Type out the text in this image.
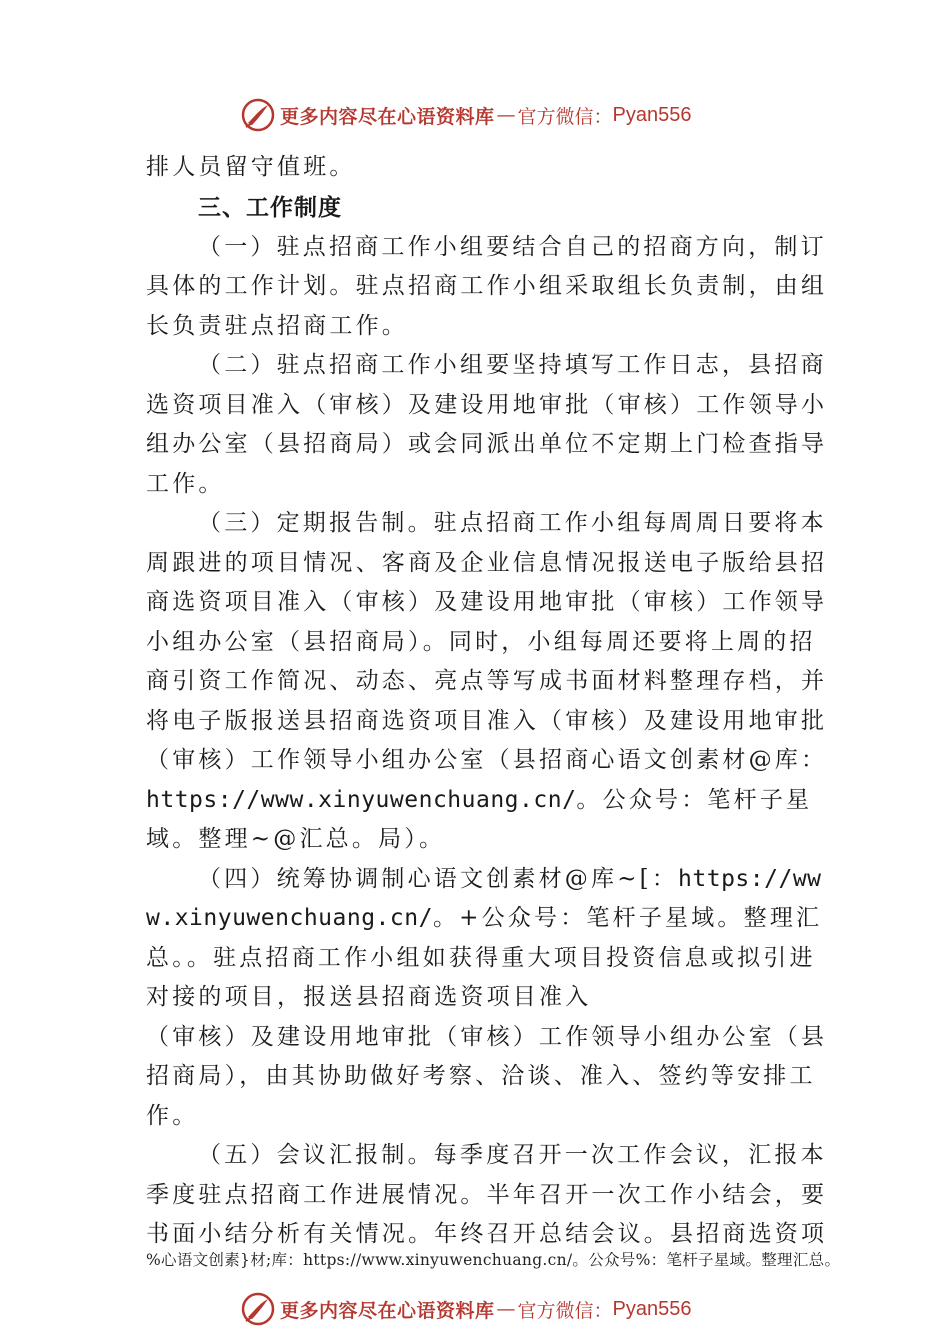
更多内容尽在心语资料库 — 官方微信： Pyan556

排人员留守值班。

三、工作制度

（一）驻点招商工作小组要结合自己的招商方向，制订具体的工作计划。驻点招商工作小组采取组长负责制，由组长负责驻点招商工作。

（二）驻点招商工作小组要坚持填写工作日志，县招商选资项目准入（审核）及建设用地审批（审核）工作领导小组办公室（县招商局）或会同派出单位不定期上门检查指导工作。

（三）定期报告制。驻点招商工作小组每周周日要将本周跟进的项目情况、客商及企业信息情况报送电子版给县招商选资项目准入（审核）及建设用地审批（审核）工作领导小组办公室（县招商局）。同时，小组每周还要将上周的招商引资工作简况、动态、亮点等写成书面材料整理存档，并将电子版报送县招商选资项目准入（审核）及建设用地审批（审核）工作领导小组办公室（县招商心语文创素材@库：https://www.xinyuwenchuang.cn/。公众号：笔杆子星域。整理~@汇总。局）。

（四）统筹协调制心语文创素材@库~[：https://www.xinyuwenchuang.cn/。+公众号：笔杆子星域。整理汇总。。驻点招商工作小组如获得重大项目投资信息或拟引进对接的项目，报送县招商选资项目准入

（审核）及建设用地审批（审核）工作领导小组办公室（县招商局），由其协助做好考察、洽谈、准入、签约等安排工作。

（五）会议汇报制。每季度召开一次工作会议，汇报本季度驻点招商工作进展情况。半年召开一次工作小结会，要书面小结分析有关情况。年终召开总结会议。县招商选资项

%心语文创素}材;库：https://www.xinyuwenchuang.cn/。公众号%：笔杆子星域。整理汇总。
更多内容尽在心语资料库 — 官方微信： Pyan556
